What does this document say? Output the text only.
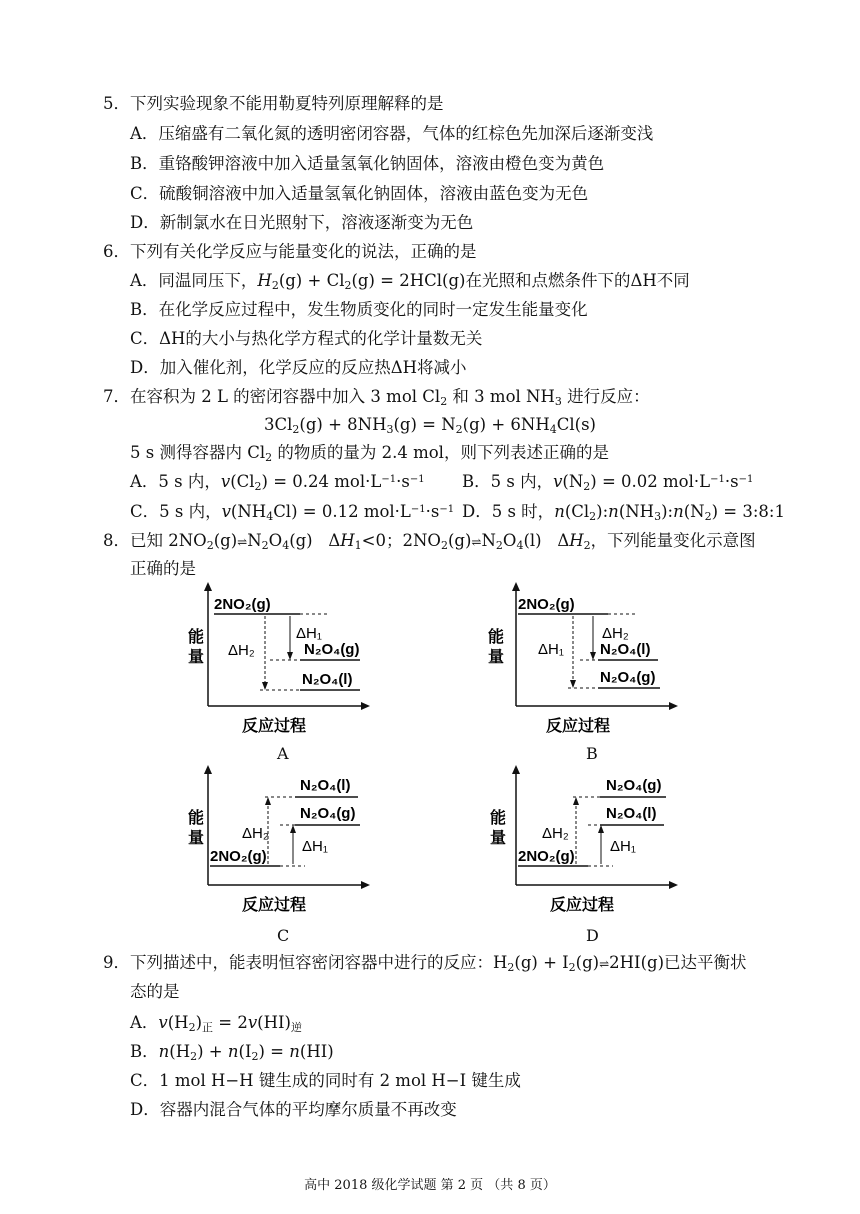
5．下列实验现象不能用勒夏特列原理解释的是
A．压缩盛有二氧化氮的透明密闭容器，气体的红棕色先加深后逐渐变浅
B．重铬酸钾溶液中加入适量氢氧化钠固体，溶液由橙色变为黄色
C．硫酸铜溶液中加入适量氢氧化钠固体，溶液由蓝色变为无色
D．新制氯水在日光照射下，溶液逐渐变为无色
6．下列有关化学反应与能量变化的说法，正确的是
A．同温同压下，$H_2(g) + Cl_2(g) = 2HCl(g)$在光照和点燃条件下的ΔH不同
B．在化学反应过程中，发生物质变化的同时一定发生能量变化
C．ΔH的大小与热化学方程式的化学计量数无关
D．加入催化剂，化学反应的反应热ΔH将减小
7．在容积为 2 L 的密闭容器中加入 3 mol $Cl_2$ 和 3 mol $NH_3$ 进行反应：
$3Cl_2(g) + 8NH_3(g) = N_2(g) + 6NH_4Cl(s)$
5 s 测得容器内 $Cl_2$ 的物质的量为 2.4 mol，则下列表述正确的是
A．5 s 内，$v(Cl_2) = 0.24$ $mol\cdot L^{-1}\cdot s^{-1}$ B．5 s 内，$v(N_2) = 0.02$ $mol\cdot L^{-1}\cdot s^{-1}$
C．5 s 内，$v(NH_4Cl) = 0.12$ $mol\cdot L^{-1}\cdot s^{-1}$ D．5 s 时，$n(Cl_2):n(NH_3):n(N_2)$ = 3:8:1
8．已知 $2NO_2(g)\rightleftharpoons N_2O_4(g)$   $\Delta H_1<0$；$2NO_2(g)\rightleftharpoons N_2O_4(l)$   $\Delta H_2$，下列能量变化示意图
正确的是
2NO₂(g)
N₂O₄(g)
N₂O₄(l)
ΔH₂
ΔH₁
能
量
反应过程
A
2NO₂(g)
N₂O₄(l)
N₂O₄(g)
ΔH₁
ΔH₂
能
量
反应过程
B
N₂O₄(l)
N₂O₄(g)
2NO₂(g)
ΔH₂
ΔH₁
能
量
反应过程
C
N₂O₄(g)
N₂O₄(l)
2NO₂(g)
ΔH₂
ΔH₁
能
量
反应过程
D
9．下列描述中，能表明恒容密闭容器中进行的反应：$H_2(g)$ + $I_2(g)\rightleftharpoons 2HI(g)$已达平衡状
态的是
A．$v(H_2)_正 = 2v(HI)_逆$
B．$n(H_2) + n(I_2) = n(HI)$
C．1 mol H−H 键生成的同时有 2 mol H−I 键生成
D．容器内混合气体的平均摩尔质量不再改变
高中 2018 级化学试题 第 2 页 （共 8 页）
